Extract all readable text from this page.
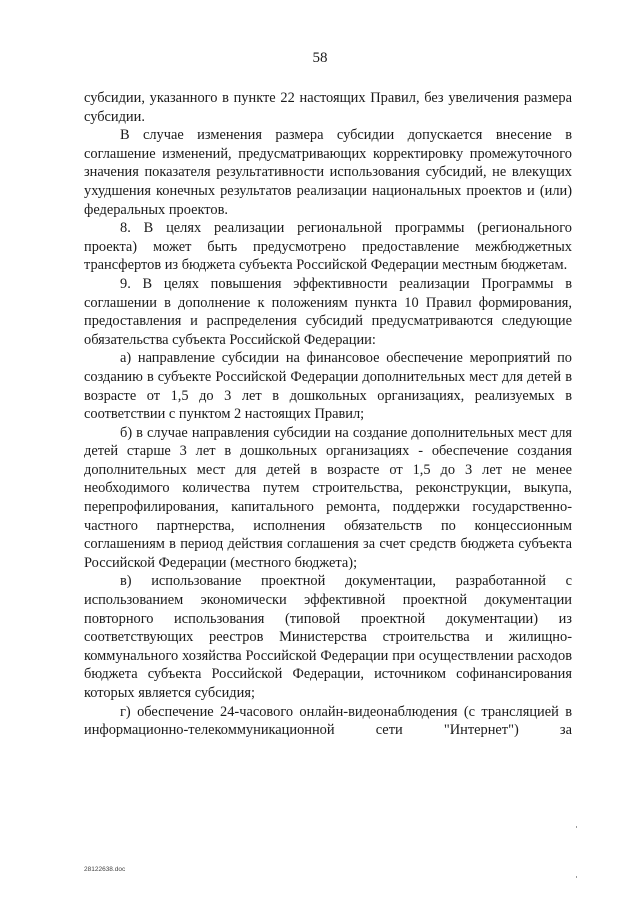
58

субсидии, указанного в пункте 22 настоящих Правил, без увеличения размера субсидии.

В случае изменения размера субсидии допускается внесение в соглашение изменений, предусматривающих корректировку промежуточного значения показателя результативности использования субсидий, не влекущих ухудшения конечных результатов реализации национальных проектов и (или) федеральных проектов.

8. В целях реализации региональной программы (регионального проекта) может быть предусмотрено предоставление межбюджетных трансфертов из бюджета субъекта Российской Федерации местным бюджетам.

9. В целях повышения эффективности реализации Программы в соглашении в дополнение к положениям пункта 10 Правил формирования, предоставления и распределения субсидий предусматриваются следующие обязательства субъекта Российской Федерации:

а) направление субсидии на финансовое обеспечение мероприятий по созданию в субъекте Российской Федерации дополнительных мест для детей в возрасте от 1,5 до 3 лет в дошкольных организациях, реализуемых в соответствии с пунктом 2 настоящих Правил;

б) в случае направления субсидии на создание дополнительных мест для детей старше 3 лет в дошкольных организациях - обеспечение создания дополнительных мест для детей в возрасте от 1,5 до 3 лет не менее необходимого количества путем строительства, реконструкции, выкупа, перепрофилирования, капитального ремонта, поддержки государственно-частного партнерства, исполнения обязательств по концессионным соглашениям в период действия соглашения за счет средств бюджета субъекта Российской Федерации (местного бюджета);

в) использование проектной документации, разработанной с использованием экономически эффективной проектной документации повторного использования (типовой проектной документации) из соответствующих реестров Министерства строительства и жилищно-коммунального хозяйства Российской Федерации при осуществлении расходов бюджета субъекта Российской Федерации, источником софинансирования которых является субсидия;

г) обеспечение 24-часового онлайн-видеонаблюдения (с трансляцией в информационно-телекоммуникационной сети "Интернет") за

28122638.doc
